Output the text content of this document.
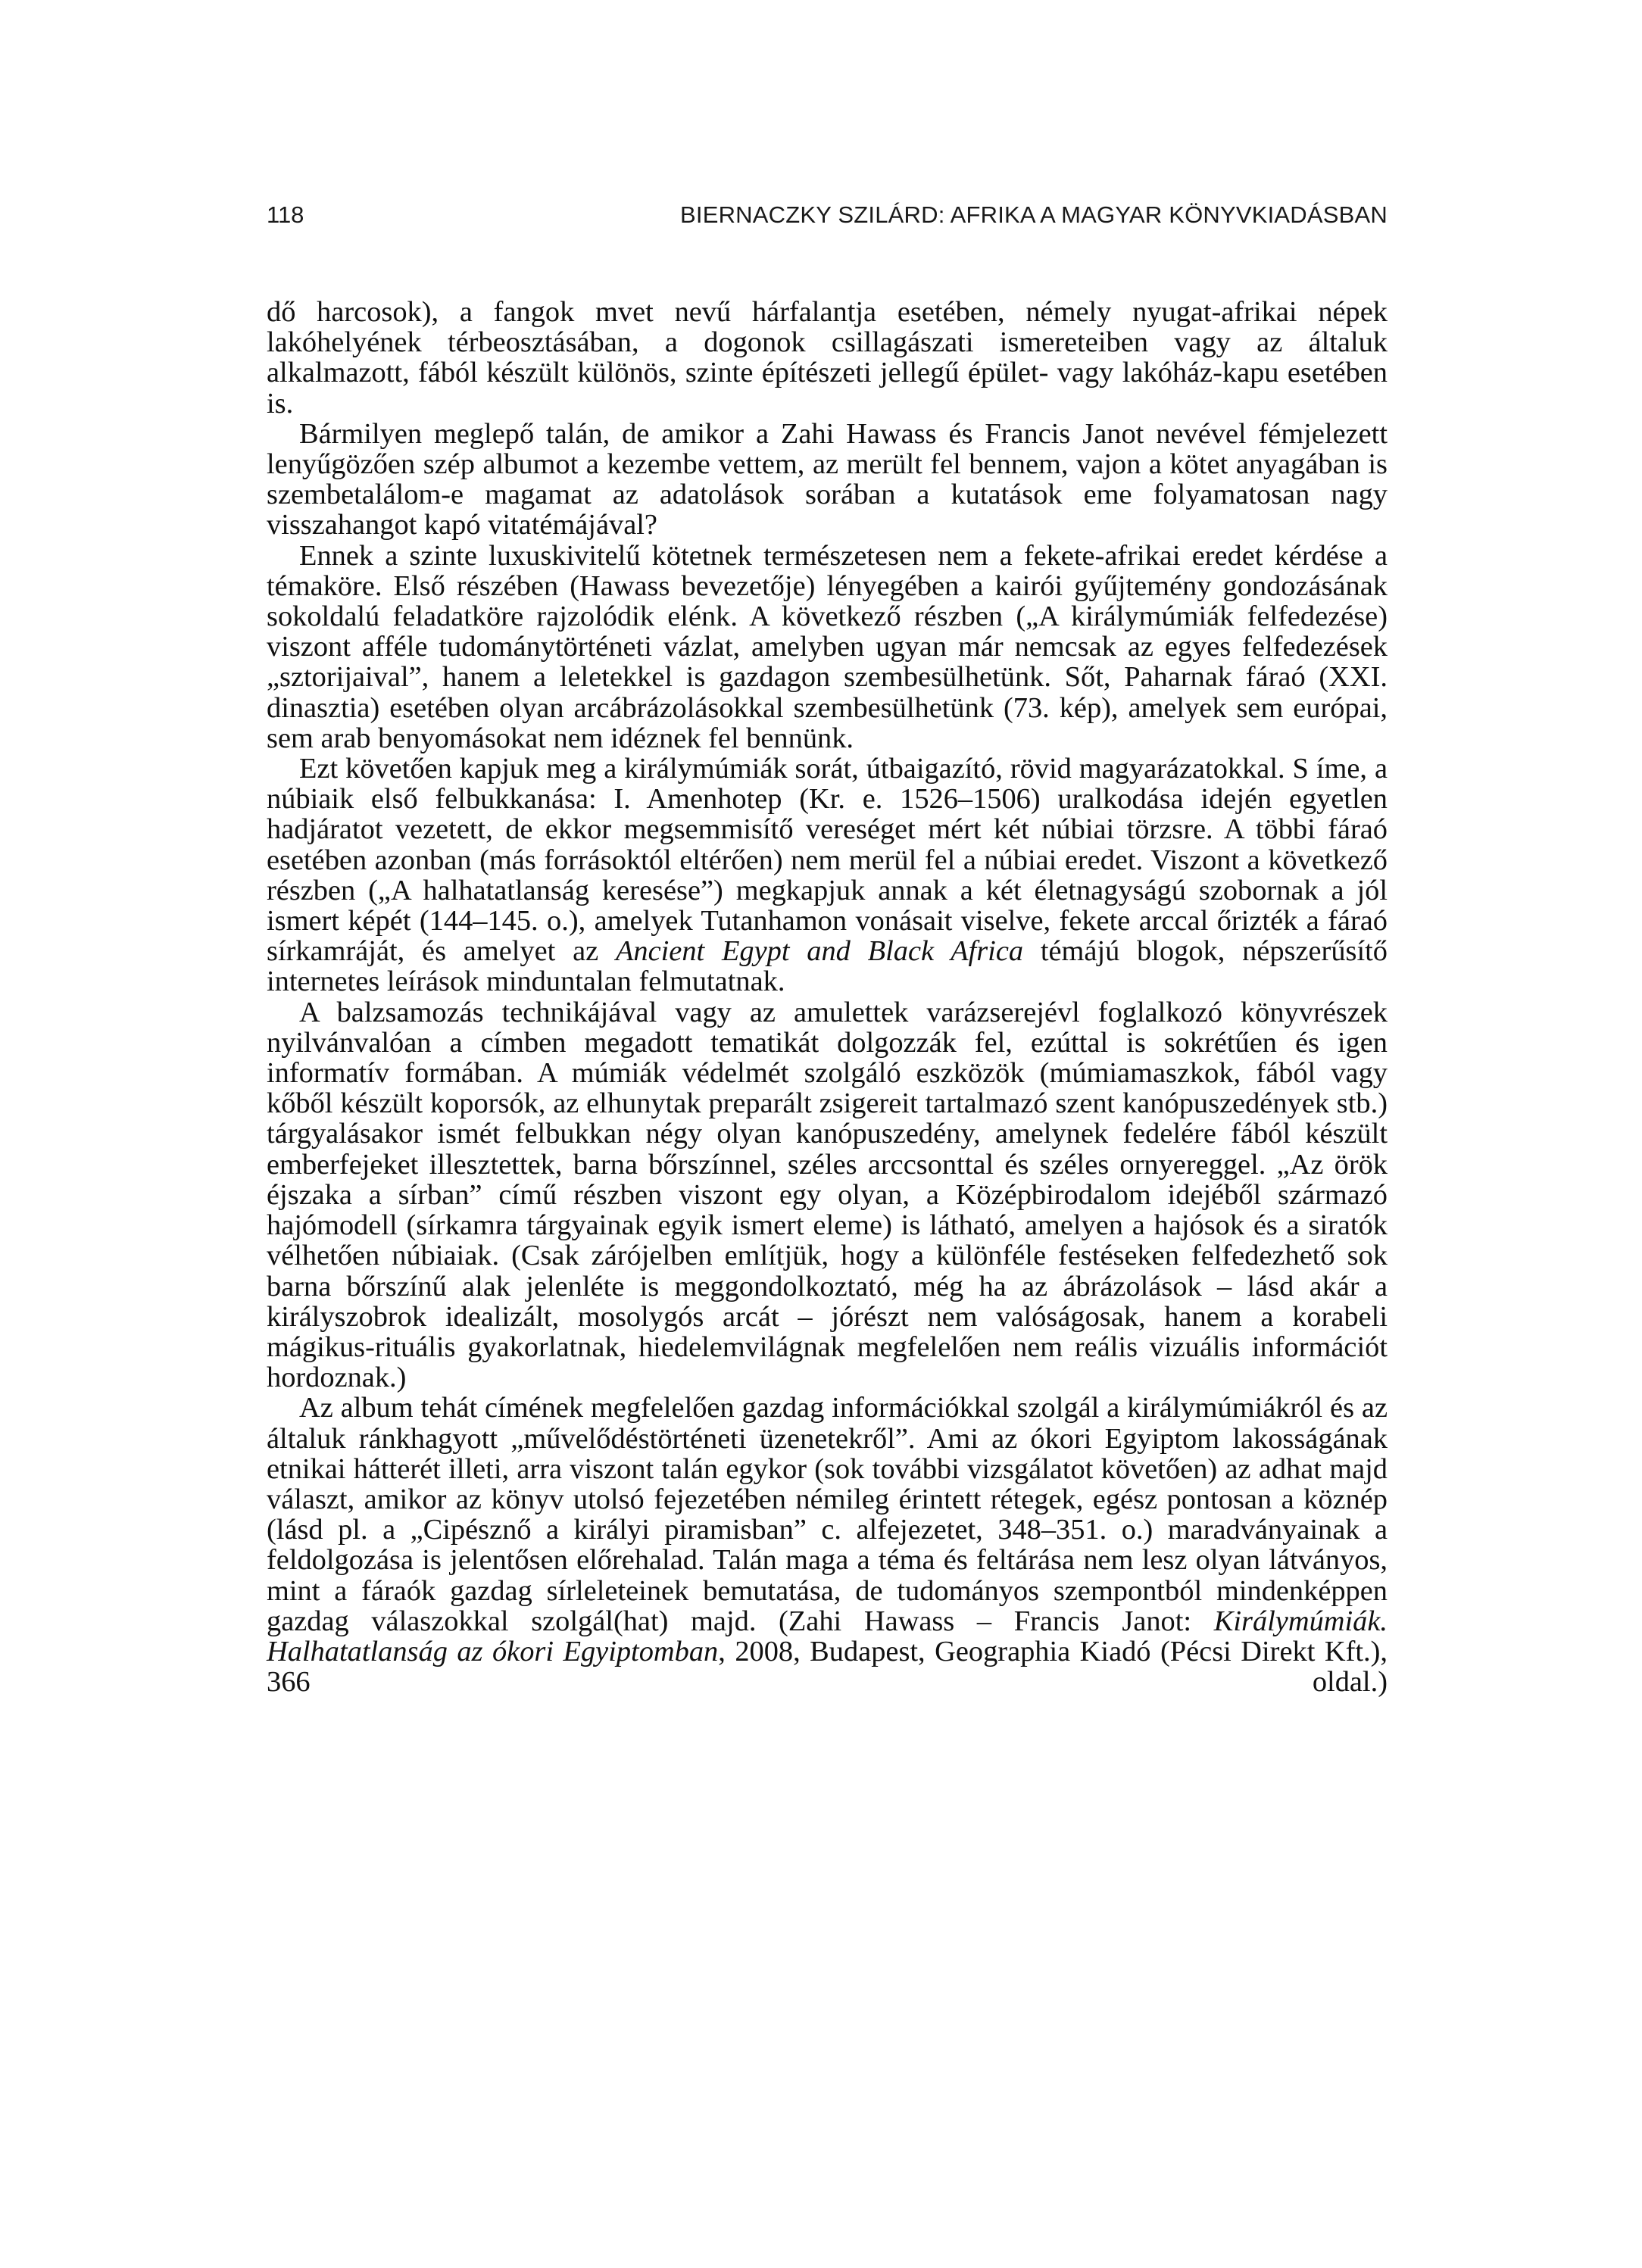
118	BIERNACZKY SZILÁRD: AFRIKA A MAGYAR KÖNYVKIADÁSBAN

dő harcosok), a fangok mvet nevű hárfalantja esetében, némely nyugat-afrikai népek lakóhelyének térbeosztásában, a dogonok csillagászati ismereteiben vagy az általuk alkalmazott, fából készült különös, szinte építészeti jellegű épület- vagy lakóház-kapu esetében is.

Bármilyen meglepő talán, de amikor a Zahi Hawass és Francis Janot nevével fémjelezett lenyűgözően szép albumot a kezembe vettem, az merült fel bennem, vajon a kötet anyagában is szembetalálom-e magamat az adatolások sorában a kutatások eme folyamatosan nagy visszahangot kapó vitatémájával?

Ennek a szinte luxuskivitelű kötetnek természetesen nem a fekete-afrikai eredet kérdése a témaköre. Első részében (Hawass bevezetője) lényegében a kairói gyűjtemény gondozásának sokoldalú feladatköre rajzolódik elénk. A következő részben („A királymúmiák felfedezése) viszont afféle tudománytörténeti vázlat, amelyben ugyan már nemcsak az egyes felfedezések „sztorijaival”, hanem a leletekkel is gazdagon szembesülhetünk. Sőt, Paharnak fáraó (XXI. dinasztia) esetében olyan arcábrázolásokkal szembesülhetünk (73. kép), amelyek sem európai, sem arab benyomásokat nem idéznek fel bennünk.

Ezt követően kapjuk meg a királymúmiák sorát, útbaigazító, rövid magyarázatokkal. S íme, a núbiaik első felbukkanása: I. Amenhotep (Kr. e. 1526–1506) uralkodása idején egyetlen hadjáratot vezetett, de ekkor megsemmisítő vereséget mért két núbiai törzsre. A többi fáraó esetében azonban (más forrásoktól eltérően) nem merül fel a núbiai eredet. Viszont a következő részben („A halhatatlanság keresése”) megkapjuk annak a két életnagyságú szobornak a jól ismert képét (144–145. o.), amelyek Tutanhamon vonásait viselve, fekete arccal őrizték a fáraó sírkamráját, és amelyet az Ancient Egypt and Black Africa témájú blogok, népszerűsítő internetes leírások minduntalan felmutatnak.

A balzsamozás technikájával vagy az amulettek varázserejévl foglalkozó könyvrészek nyilvánvalóan a címben megadott tematikát dolgozzák fel, ezúttal is sokrétűen és igen informatív formában. A múmiák védelmét szolgáló eszközök (múmiamaszkok, fából vagy kőből készült koporsók, az elhunytak preparált zsigereit tartalmazó szent kanópuszedények stb.) tárgyalásakor ismét felbukkan négy olyan kanópuszedény, amelynek fedelére fából készült emberfejeket illesztettek, barna bőrszínnel, széles arccsonttal és széles ornyereggel. „Az örök éjszaka a sírban” című részben viszont egy olyan, a Középbirodalom idejéből származó hajómodell (sírkamra tárgyainak egyik ismert eleme) is látható, amelyen a hajósok és a siratók vélhetően núbiaiak. (Csak zárójelben említjük, hogy a különféle festéseken felfedezhető sok barna bőrszínű alak jelenléte is meggondolkoztató, még ha az ábrázolások – lásd akár a királyszobrok idealizált, mosolygós arcát – jórészt nem valóságosak, hanem a korabeli mágikus-rituális gyakorlatnak, hiedelemvilágnak megfelelően nem reális vizuális információt hordoznak.)

Az album tehát címének megfelelően gazdag információkkal szolgál a királymúmiákról és az általuk ránkhagyott „művelődéstörténeti üzenetekről”. Ami az ókori Egyiptom lakosságának etnikai hátterét illeti, arra viszont talán egykor (sok további vizsgálatot követően) az adhat majd választ, amikor az könyv utolsó fejezetében némileg érintett rétegek, egész pontosan a köznép (lásd pl. a „Cipésznő a királyi piramisban” c. alfejezetet, 348–351. o.) maradványainak a feldolgozása is jelentősen előrehalad. Talán maga a téma és feltárása nem lesz olyan látványos, mint a fáraók gazdag sírleleteinek bemutatása, de tudományos szempontból mindenképpen gazdag válaszokkal szolgál(hat) majd. (Zahi Hawass – Francis Janot: Királymúmiák. Halhatatlanság az ókori Egyiptomban, 2008, Budapest, Geographia Kiadó (Pécsi Direkt Kft.), 366 oldal.)
